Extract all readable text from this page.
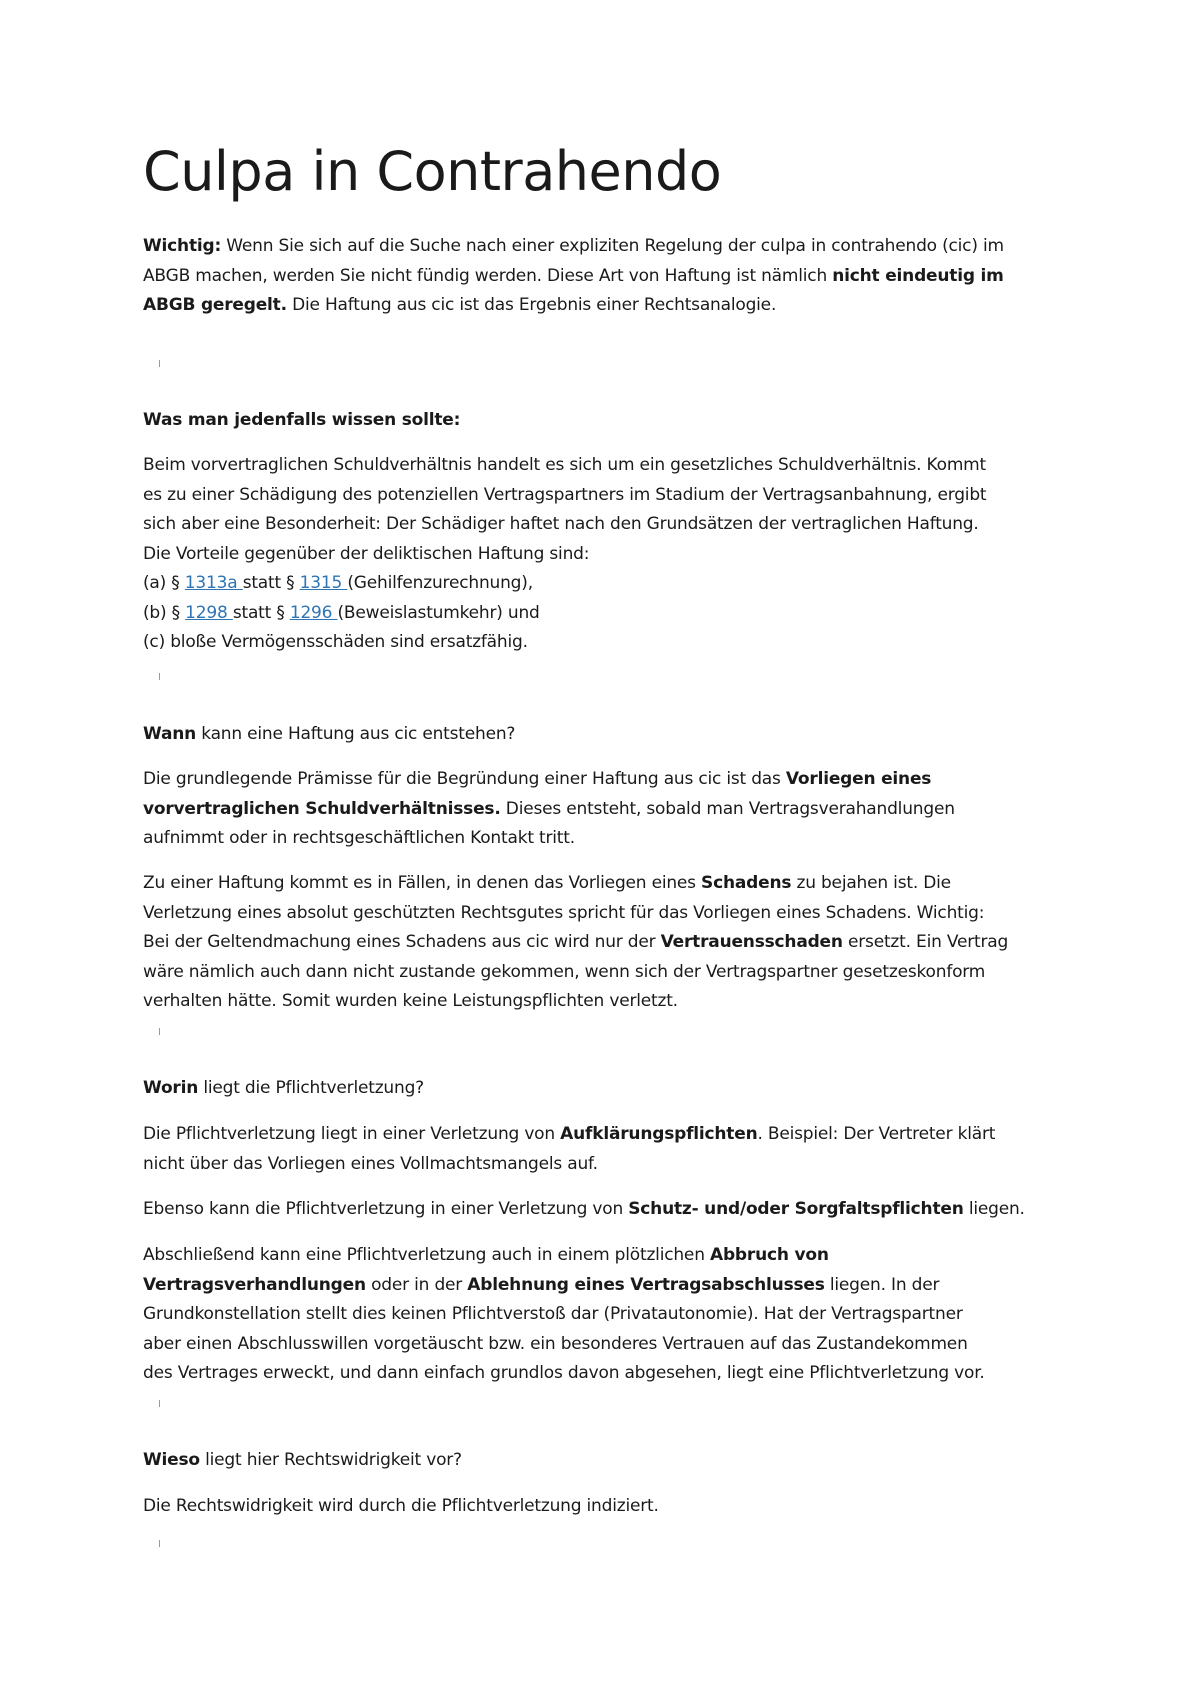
Culpa in Contrahendo

Wichtig: Wenn Sie sich auf die Suche nach einer expliziten Regelung der culpa in contrahendo (cic) im
ABGB machen, werden Sie nicht fündig werden. Diese Art von Haftung ist nämlich nicht eindeutig im
ABGB geregelt. Die Haftung aus cic ist das Ergebnis einer Rechtsanalogie.

Was man jedenfalls wissen sollte:

Beim vorvertraglichen Schuldverhältnis handelt es sich um ein gesetzliches Schuldverhältnis. Kommt
es zu einer Schädigung des potenziellen Vertragspartners im Stadium der Vertragsanbahnung, ergibt
sich aber eine Besonderheit: Der Schädiger haftet nach den Grundsätzen der vertraglichen Haftung.
Die Vorteile gegenüber der deliktischen Haftung sind:
(a) § 1313a statt § 1315 (Gehilfenzurechnung),
(b) § 1298 statt § 1296 (Beweislastumkehr) und
(c) bloße Vermögensschäden sind ersatzfähig.

Wann kann eine Haftung aus cic entstehen?

Die grundlegende Prämisse für die Begründung einer Haftung aus cic ist das Vorliegen eines
vorvertraglichen Schuldverhältnisses. Dieses entsteht, sobald man Vertragsverahandlungen
aufnimmt oder in rechtsgeschäftlichen Kontakt tritt.

Zu einer Haftung kommt es in Fällen, in denen das Vorliegen eines Schadens zu bejahen ist. Die
Verletzung eines absolut geschützten Rechtsgutes spricht für das Vorliegen eines Schadens. Wichtig:
Bei der Geltendmachung eines Schadens aus cic wird nur der Vertrauensschaden ersetzt. Ein Vertrag
wäre nämlich auch dann nicht zustande gekommen, wenn sich der Vertragspartner gesetzeskonform
verhalten hätte. Somit wurden keine Leistungspflichten verletzt.

Worin liegt die Pflichtverletzung?

Die Pflichtverletzung liegt in einer Verletzung von Aufklärungspflichten. Beispiel: Der Vertreter klärt
nicht über das Vorliegen eines Vollmachtsmangels auf.

Ebenso kann die Pflichtverletzung in einer Verletzung von Schutz- und/oder Sorgfaltspflichten liegen.

Abschließend kann eine Pflichtverletzung auch in einem plötzlichen Abbruch von
Vertragsverhandlungen oder in der Ablehnung eines Vertragsabschlusses liegen. In der
Grundkonstellation stellt dies keinen Pflichtverstoß dar (Privatautonomie). Hat der Vertragspartner
aber einen Abschlusswillen vorgetäuscht bzw. ein besonderes Vertrauen auf das Zustandekommen
des Vertrages erweckt, und dann einfach grundlos davon abgesehen, liegt eine Pflichtverletzung vor.

Wieso liegt hier Rechtswidrigkeit vor?

Die Rechtswidrigkeit wird durch die Pflichtverletzung indiziert.
